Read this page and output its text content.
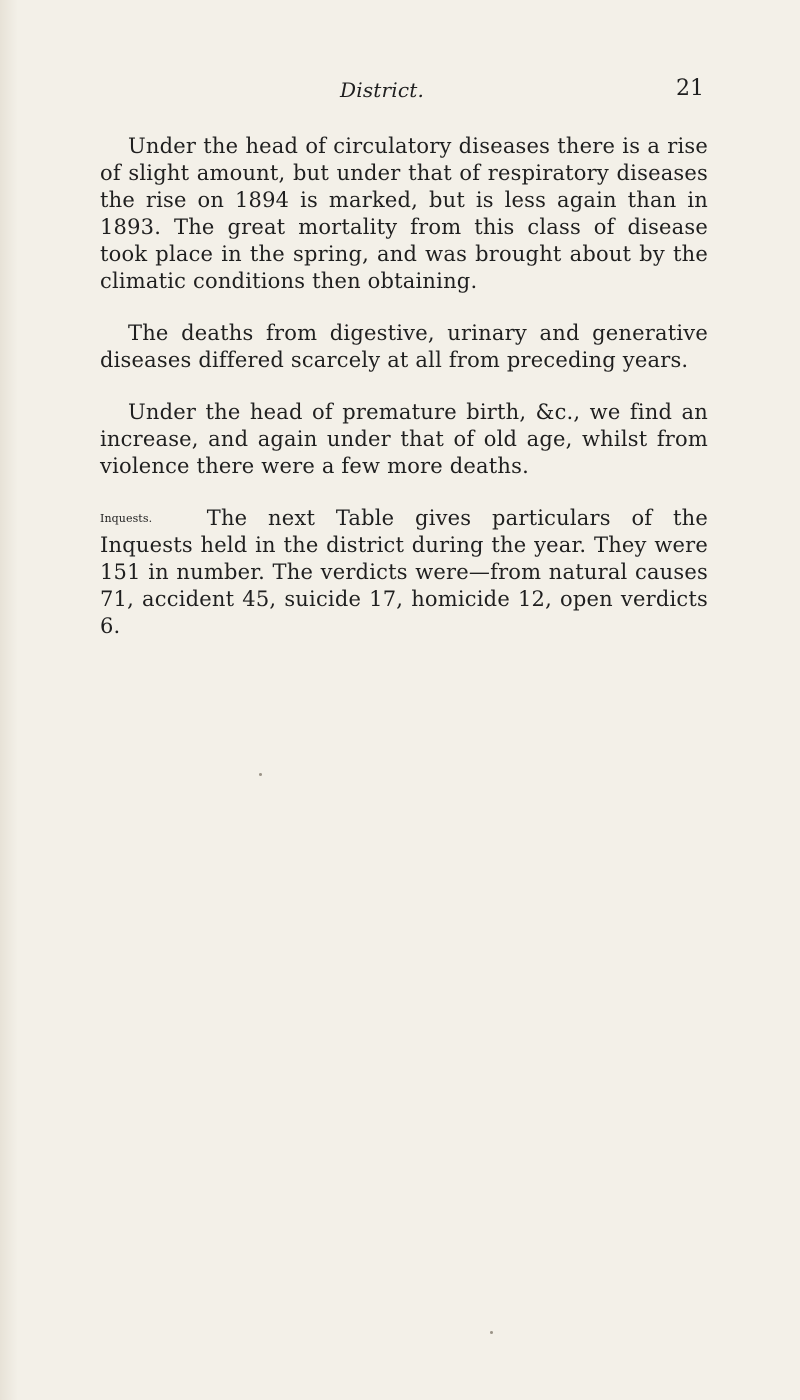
District.	21

Under the head of circulatory diseases there is a rise of slight amount, but under that of respiratory diseases the rise on 1894 is marked, but is less again than in 1893. The great mortality from this class of disease took place in the spring, and was brought about by the climatic conditions then obtaining.

The deaths from digestive, urinary and generative diseases differed scarcely at all from preceding years.

Under the head of premature birth, &c., we find an increase, and again under that of old age, whilst from violence there were a few more deaths.

Inquests.	The next Table gives particulars of the Inquests held in the district during the year. They were 151 in number. The verdicts were—from natural causes 71, accident 45, suicide 17, homicide 12, open verdicts 6.
